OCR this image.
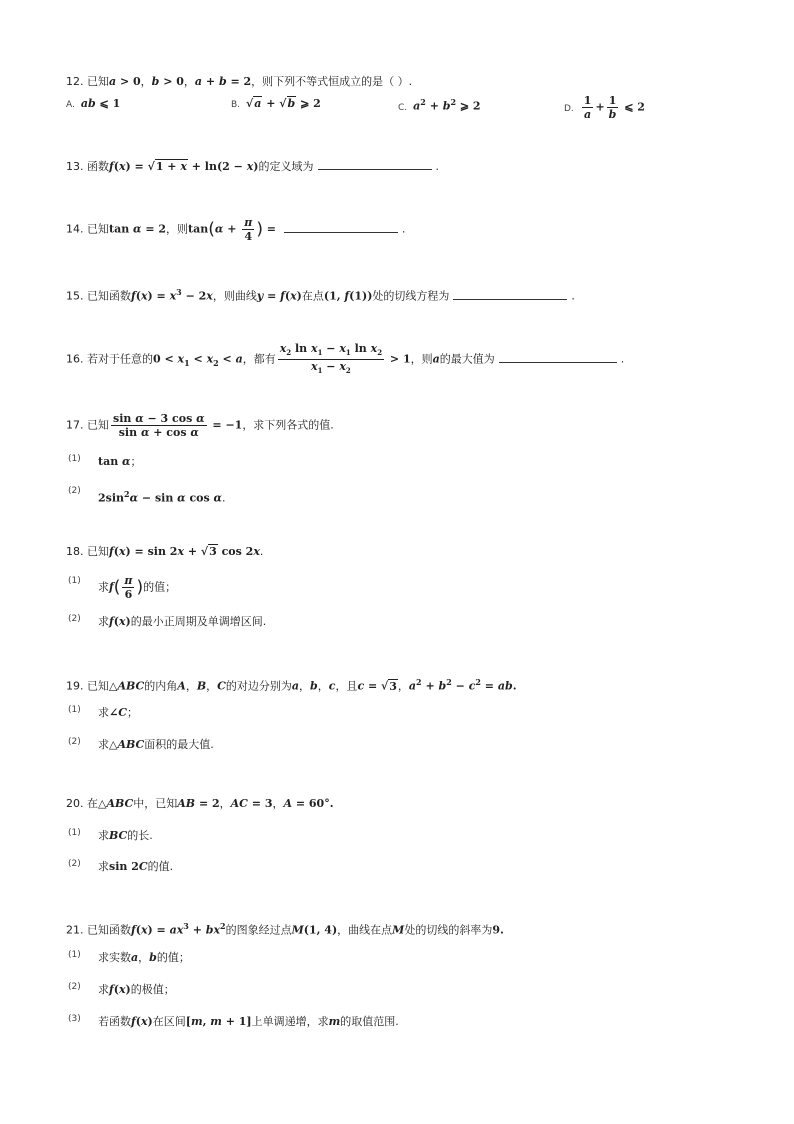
12. 已知a > 0，b > 0，a + b = 2，则下列不等式恒成立的是（ ）.
A. ab ⩽ 1	B. √a + √b ⩾ 2	C. $a^2 + b^2$ ⩾ 2	D. $\frac{1}{a} + \frac{1}{b}$ ⩽ 2
13. 函数f(x) = √1 + x + ln(2 − x)的定义域为	.
14. 已知tan α = 2，则$\tan(\alpha + \frac{\pi}{4}$ ) =	.
15. 已知函数$f(x) = x^3 - 2x$，则曲线y = f(x)在点(1, f(1))处的切线方程为	.
16. 若对于任意的$0 < x_1 < x_2 < a$，都有 $\frac{x_2 \ln x_1 - x_1 \ln x_2}{x_1 - x_2} > 1$，则a的最大值为	.
17. 已知 $\frac{\text{sin α − 3 cos α}}{\text{sin α + cos α}} = -1$，求下列各式的值.
(1) tan α；
$(2)2\sin^2\alpha - \sin \alpha$ cos α.
18. 已知f(x) = sin 2x + √3 cos 2x.
(1) 求$f( \frac{\pi}{6}$ )的值；
(2) 求f(x)的最小正周期及单调增区间.
19. 已知△ABC的内角A，B，C的对边分别为a，b，c，且c = √3，$a^2 + b^2 - c^2$ = ab.
(1) 求∠C；
(2) 求△ABC面积的最大值.
20. 在△ABC中，已知AB = 2，AC = 3，A = 60°.
(1) 求BC的长.
(2) 求sin 2C的值.
21. 已知函数$f(x) = ax^3 + bx^2$的图象经过点M(1, 4)，曲线在点M处的切线的斜率为9.
(1) 求实数a，b的值；
(2) 求f(x)的极值；
(3) 若函数f(x)在区间[m, m + 1]上单调递增，求m的取值范围.
